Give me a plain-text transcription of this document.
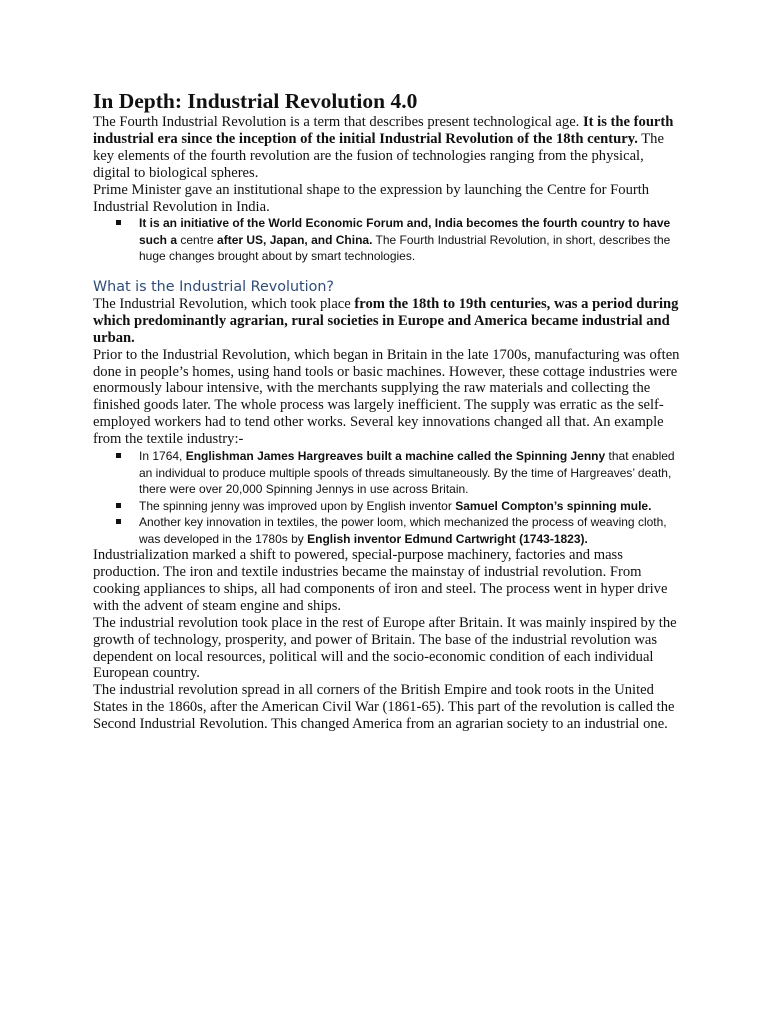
In Depth: Industrial Revolution 4.0

The Fourth Industrial Revolution is a term that describes present technological age. It is the fourth industrial era since the inception of the initial Industrial Revolution of the 18th century. The key elements of the fourth revolution are the fusion of technologies ranging from the physical, digital to biological spheres.

Prime Minister gave an institutional shape to the expression by launching the Centre for Fourth Industrial Revolution in India.

It is an initiative of the World Economic Forum and, India becomes the fourth country to have such a centre after US, Japan, and China. The Fourth Industrial Revolution, in short, describes the huge changes brought about by smart technologies.
What is the Industrial Revolution?

The Industrial Revolution, which took place from the 18th to 19th centuries, was a period during which predominantly agrarian, rural societies in Europe and America became industrial and urban.

Prior to the Industrial Revolution, which began in Britain in the late 1700s, manufacturing was often done in people’s homes, using hand tools or basic machines. However, these cottage industries were enormously labour intensive, with the merchants supplying the raw materials and collecting the finished goods later. The whole process was largely inefficient. The supply was erratic as the self- employed workers had to tend other works. Several key innovations changed all that. An example from the textile industry:-

In 1764, Englishman James Hargreaves built a machine called the Spinning Jenny that enabled an individual to produce multiple spools of threads simultaneously. By the time of Hargreaves’ death, there were over 20,000 Spinning Jennys in use across Britain.
The spinning jenny was improved upon by English inventor Samuel Compton’s spinning mule.
Another key innovation in textiles, the power loom, which mechanized the process of weaving cloth, was developed in the 1780s by English inventor Edmund Cartwright (1743-1823).

Industrialization marked a shift to powered, special-purpose machinery, factories and mass production. The iron and textile industries became the mainstay of industrial revolution. From cooking appliances to ships, all had components of iron and steel. The process went in hyper drive with the advent of steam engine and ships.

The industrial revolution took place in the rest of Europe after Britain. It was mainly inspired by the growth of technology, prosperity, and power of Britain. The base of the industrial revolution was dependent on local resources, political will and the socio-economic condition of each individual European country.

The industrial revolution spread in all corners of the British Empire and took roots in the United States in the 1860s, after the American Civil War (1861-65). This part of the revolution is called the Second Industrial Revolution. This changed America from an agrarian society to an industrial one.
